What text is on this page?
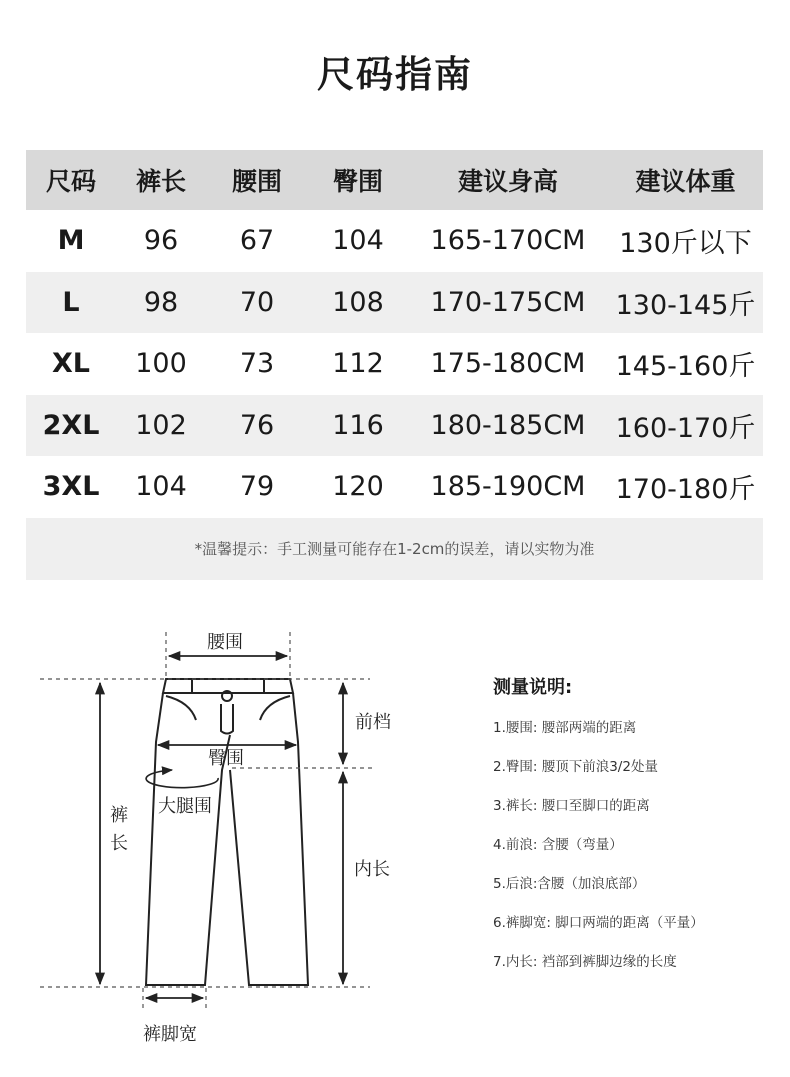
尺码指南
尺码	裤长	腰围	臀围	建议身高	建议体重
M	96	67	104	165-170CM	130斤以下
L	98	70	108	170-175CM	130-145斤
XL	100	73	112	175-180CM	145-160斤
2XL	102	76	116	180-185CM	160-170斤
3XL	104	79	120	185-190CM	170-180斤
*温馨提示：手工测量可能存在1-2cm的误差，请以实物为准					
腰围
臀围
大腿围
裤
长
前档
内长
裤脚宽
测量说明:
1.腰围: 腰部两端的距离
2.臀围: 腰顶下前浪3/2处量
3.裤长: 腰口至脚口的距离
4.前浪: 含腰（弯量）
5.后浪:含腰（加浪底部）
6.裤脚宽: 脚口两端的距离（平量）
7.内长: 裆部到裤脚边缘的长度
